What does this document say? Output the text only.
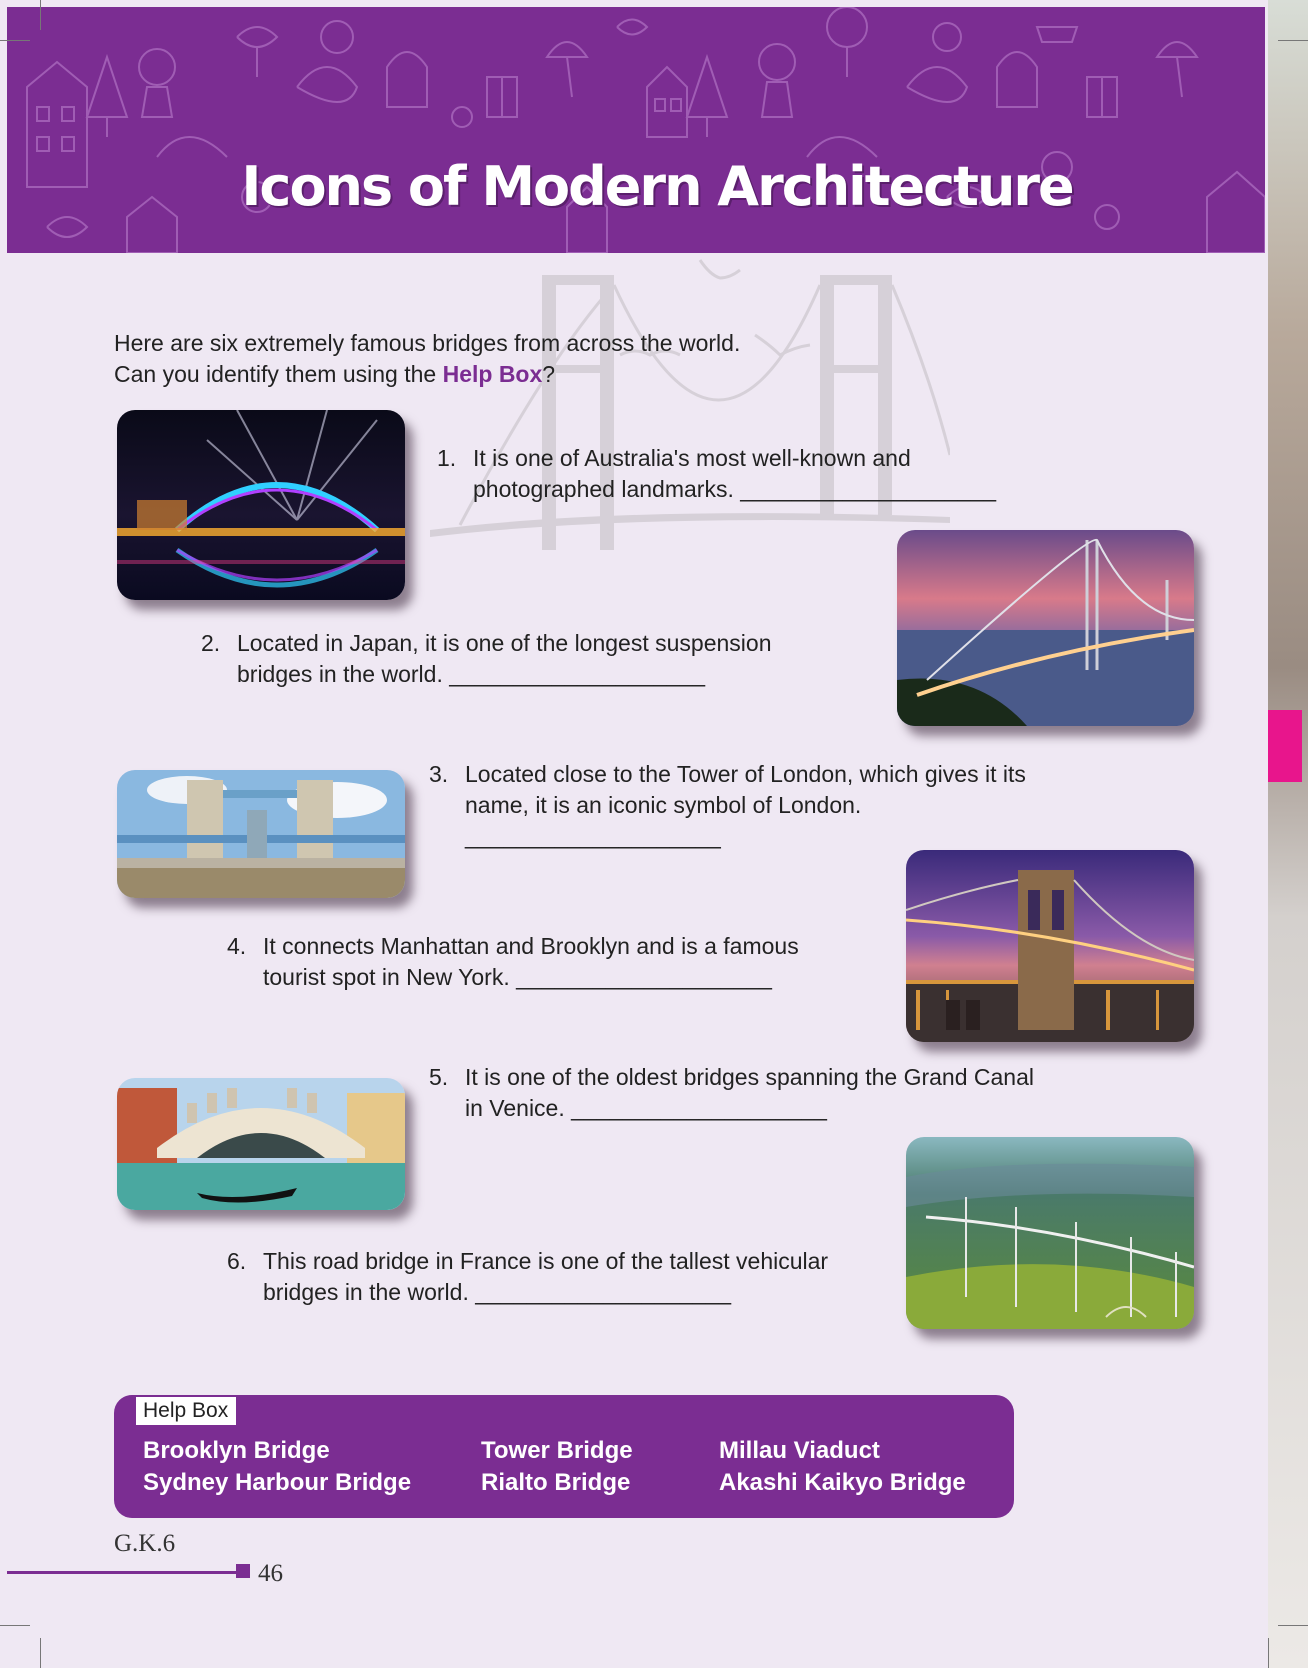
Icons of Modern Architecture
Here are six extremely famous bridges from across the world.
Can you identify them using the Help Box?
1. It is one of Australia's most well-known and
photographed landmarks. ____________________
2. Located in Japan, it is one of the longest suspension
bridges in the world. ____________________
3. Located close to the Tower of London, which gives it its
name, it is an iconic symbol of London.
____________________
4. It connects Manhattan and Brooklyn and is a famous
tourist spot in New York. ____________________
5. It is one of the oldest bridges spanning the Grand Canal
in Venice. ____________________
6. This road bridge in France is one of the tallest vehicular
bridges in the world. ____________________
Help Box
Brooklyn Bridge
Sydney Harbour Bridge
Tower Bridge
Rialto Bridge
Millau Viaduct
Akashi Kaikyo Bridge
G.K.6
46
